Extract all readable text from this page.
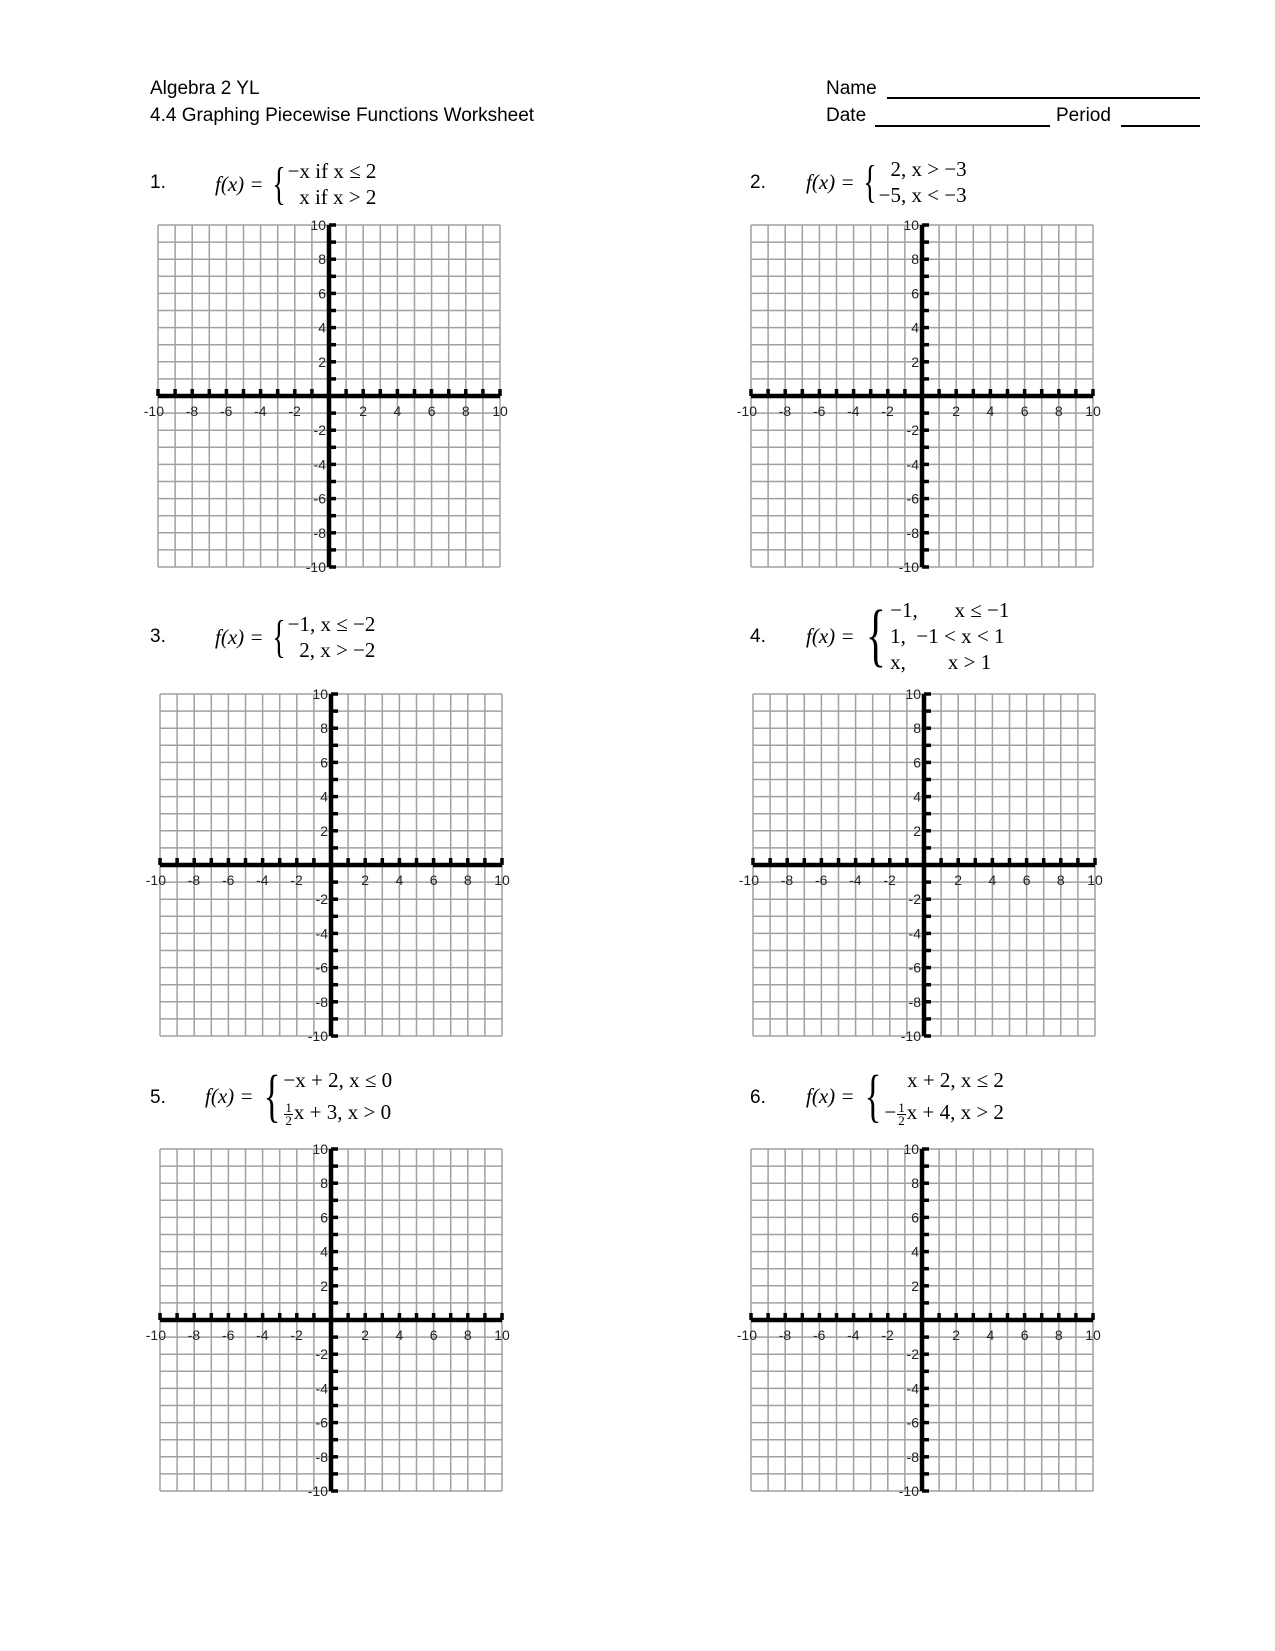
Algebra 2 YL
4.4 Graphing Piecewise Functions Worksheet
Name
Date	Period
1. f(x) = { −x if x ≤ 2
x if x > 2
2. f(x) = { 2, x > −3
−5, x < −3
3. f(x) = { −1, x ≤ −2
2, x > −2
4. f(x) = { −1,       x ≤ −1
1,  −1 < x < 1
x,        x > 1
5. f(x) = { −x + 2, x ≤ 0
$\frac{1}{2}$ x + 3, x > 0
6. f(x) = {	x + 2, x ≤ 2
− $\frac{1}{2}$ x + 4, x > 2
-10 -8 -6 -4 -2	2 4 6 8 10
10
8
6
4
2
-2
-4
-6
-8
-10
-10 -8 -6 -4 -2	2 4 6 8 10
10
8
6
4
2
-2
-4
-6
-8
-10
-10 -8 -6 -4 -2	2 4 6 8 10
10
8
6
4
2
-2
-4
-6
-8
-10
-10 -8 -6 -4 -2	2 4 6 8 10
10
8
6
4
2
-2
-4
-6
-8
-10
-10 -8 -6 -4 -2	2 4 6 8 10
10
8
6
4
2
-2
-4
-6
-8
-10
-10 -8 -6 -4 -2	2 4 6 8 10
10
8
6
4
2
-2
-4
-6
-8
-10
